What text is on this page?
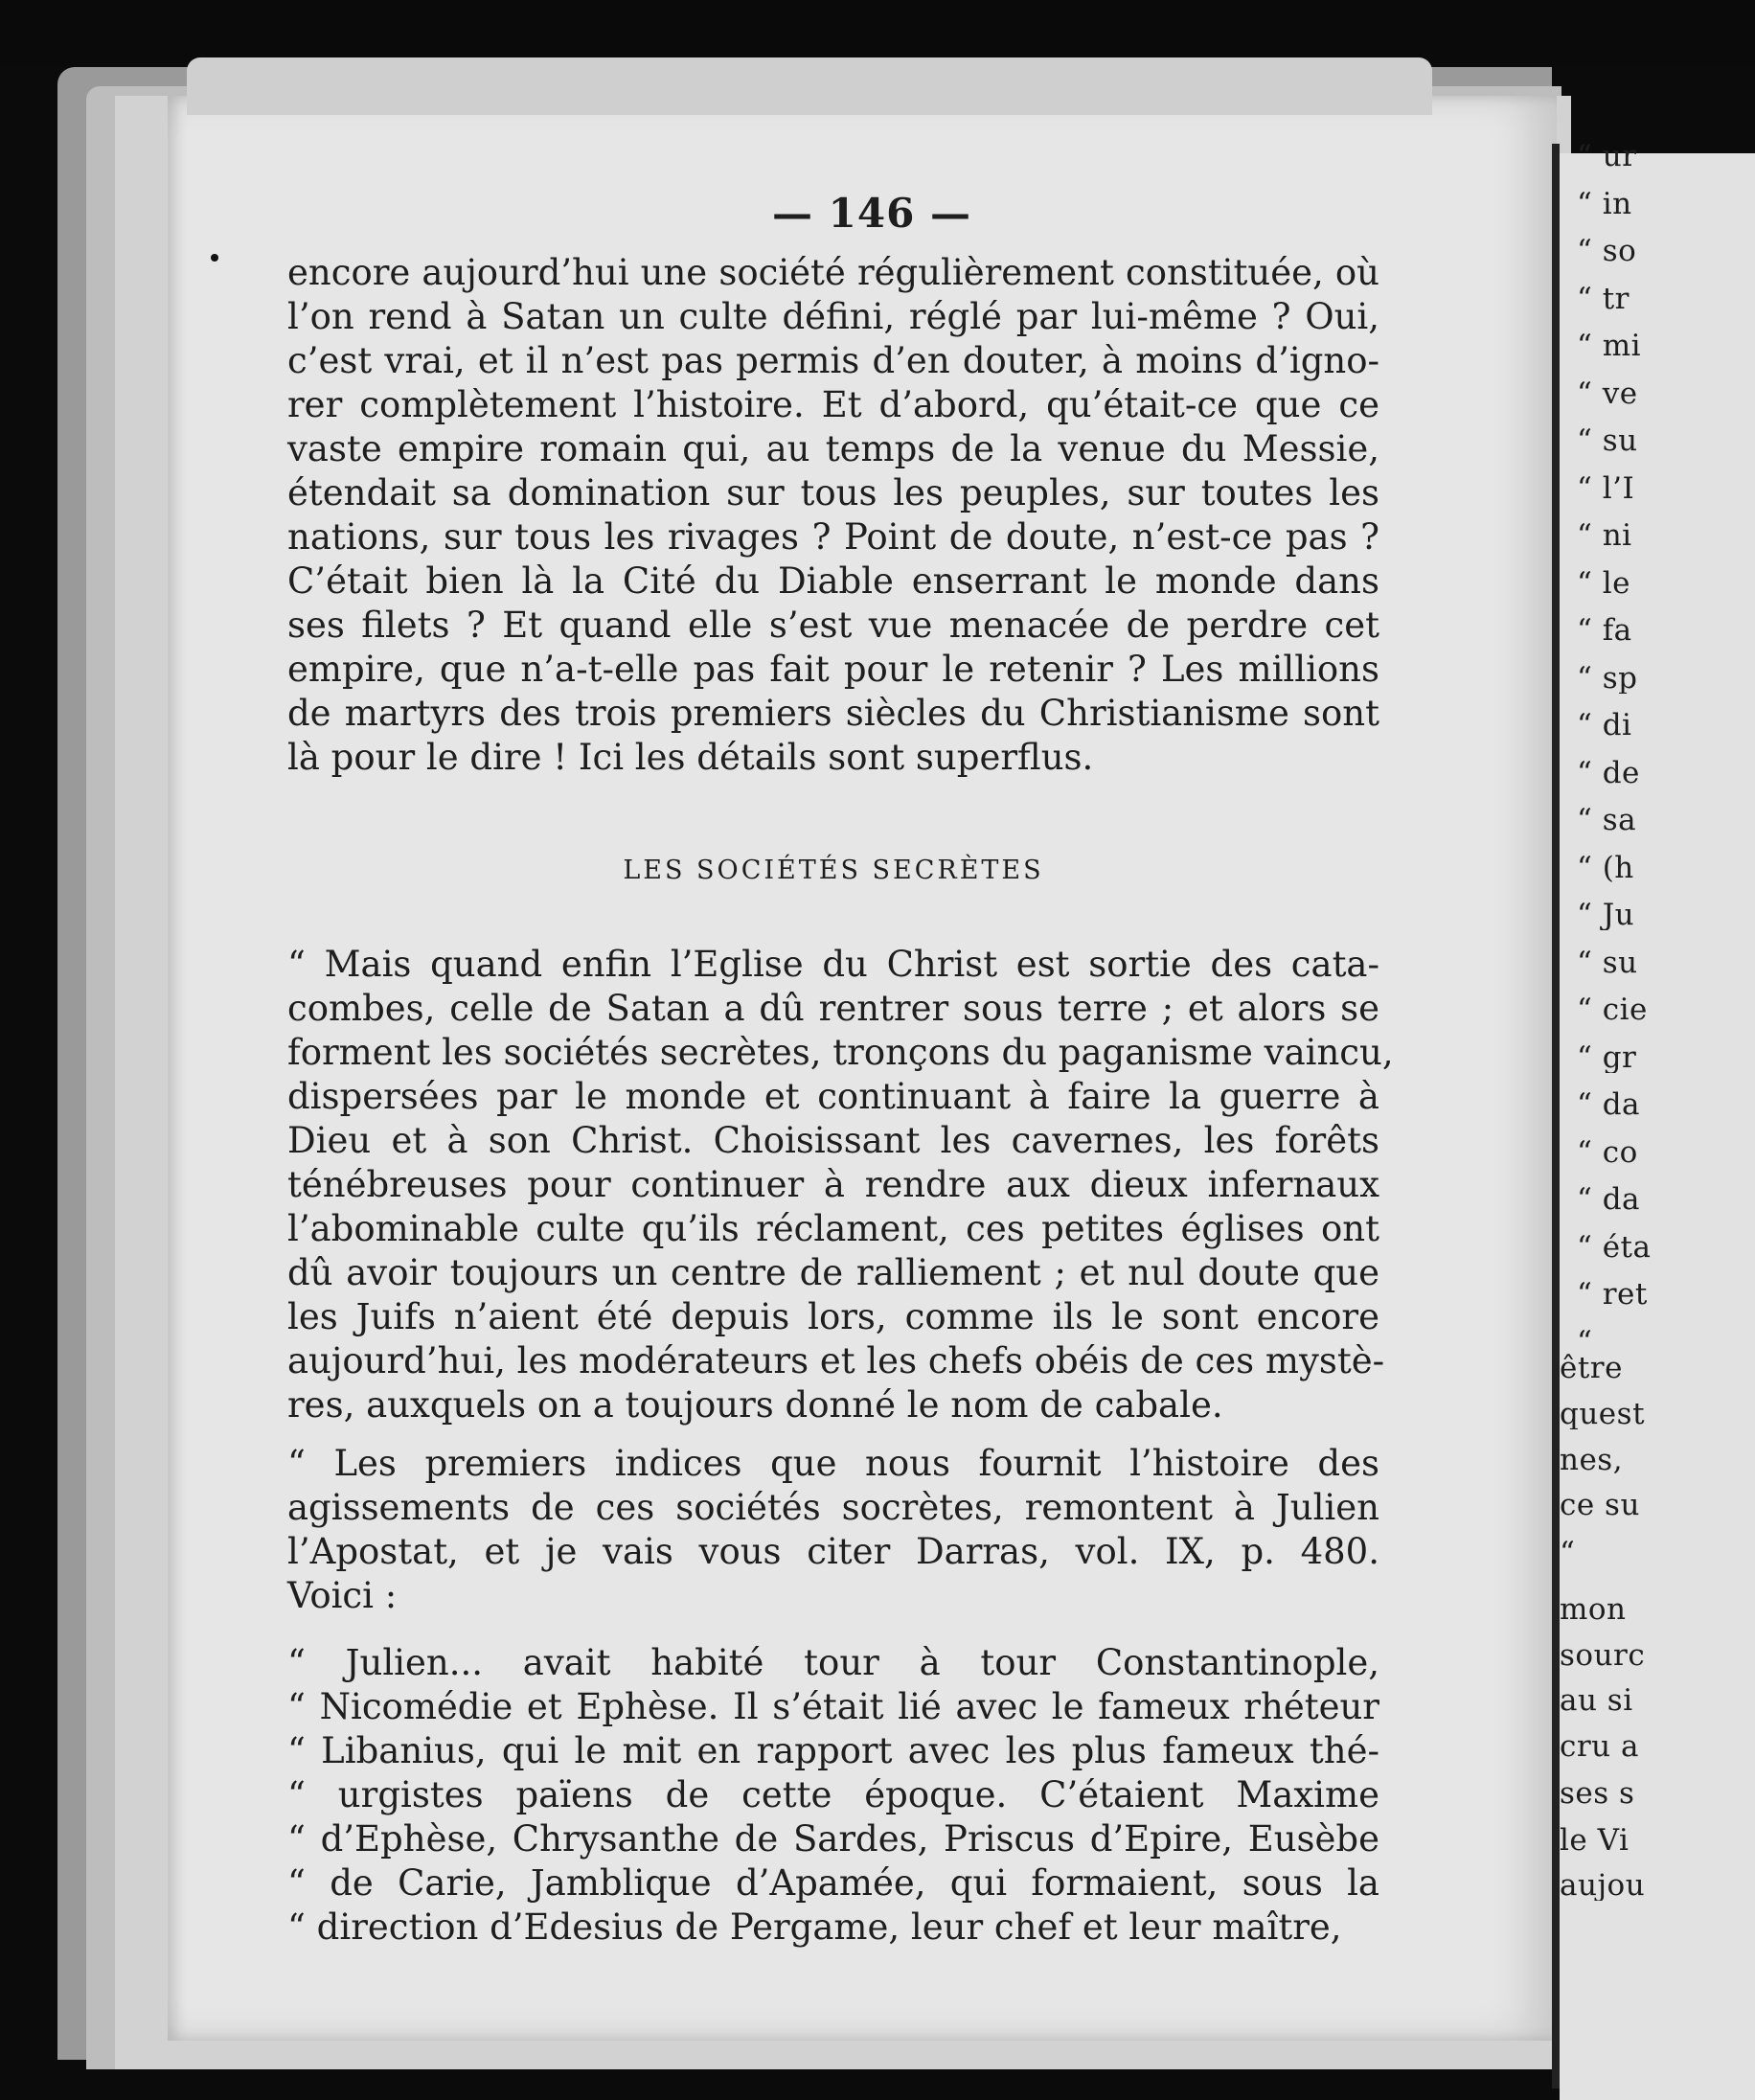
“ ur
“ in
“ so
“ tr
“ mi
“ ve
“ su
“ l’I
“ ni
“ le
“ fa
“ sp
“ di
“ de
“ sa
“ (h
“ Ju
“ su
“ cie
“ gr
“ da
“ co
“ da
“ éta
“ ret
“
être
quest
nes,
ce su
“
mon
sourc
au si
cru a
ses s
le Vi
aujou
— 146 —
encore aujourd’hui une société régulièrement constituée, où
l’on rend à Satan un culte défini, réglé par lui-même ? Oui,
c’est vrai, et il n’est pas permis d’en douter, à moins d’igno-
rer complètement l’histoire. Et d’abord, qu’était-ce que ce
vaste empire romain qui, au temps de la venue du Messie,
étendait sa domination sur tous les peuples, sur toutes les
nations, sur tous les rivages ? Point de doute, n’est-ce pas ?
C’était bien là la Cité du Diable enserrant le monde dans
ses filets ? Et quand elle s’est vue menacée de perdre cet
empire, que n’a-t-elle pas fait pour le retenir ? Les millions
de martyrs des trois premiers siècles du Christianisme sont
là pour le dire ! Ici les détails sont superflus.
LES SOCIÉTÉS SECRÈTES
“ Mais quand enfin l’Eglise du Christ est sortie des cata-
combes, celle de Satan a dû rentrer sous terre ; et alors se
forment les sociétés secrètes, tronçons du paganisme vaincu,
dispersées par le monde et continuant à faire la guerre à
Dieu et à son Christ. Choisissant les cavernes, les forêts
ténébreuses pour continuer à rendre aux dieux infernaux
l’abominable culte qu’ils réclament, ces petites églises ont
dû avoir toujours un centre de ralliement ; et nul doute que
les Juifs n’aient été depuis lors, comme ils le sont encore
aujourd’hui, les modérateurs et les chefs obéis de ces mystè-
res, auxquels on a toujours donné le nom de cabale.
“ Les premiers indices que nous fournit l’histoire des
agissements de ces sociétés socrètes, remontent à Julien
l’Apostat, et je vais vous citer Darras, vol. IX, p. 480.
Voici :
“ Julien... avait habité tour à tour Constantinople,
“ Nicomédie et Ephèse. Il s’était lié avec le fameux rhéteur
“ Libanius, qui le mit en rapport avec les plus fameux thé-
“ urgistes païens de cette époque. C’étaient Maxime
“ d’Ephèse, Chrysanthe de Sardes, Priscus d’Epire, Eusèbe
“ de Carie, Jamblique d’Apamée, qui formaient, sous la
“ direction d’Edesius de Pergame, leur chef et leur maître,
